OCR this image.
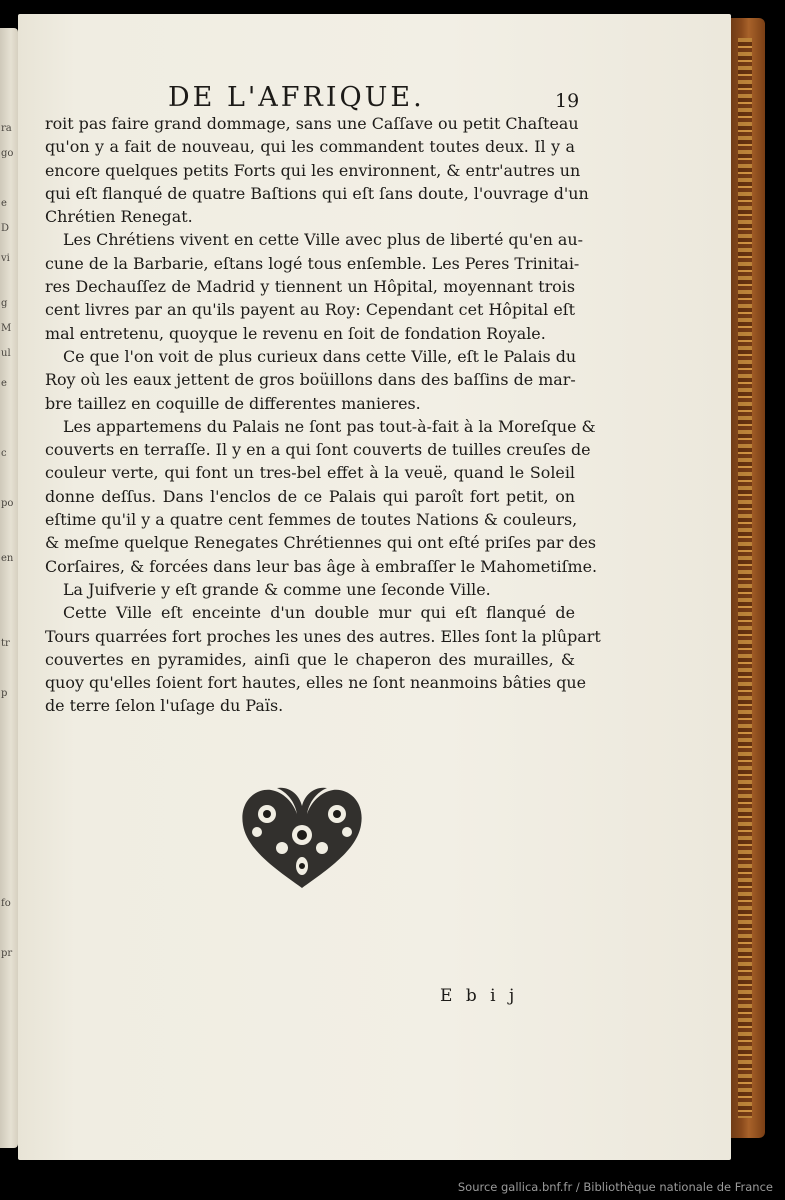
ra
go
e
D
vi
g
M
ul
e
c
po
en
tr
p
fo
pr
DE L'AFRIQUE.	19
roit pas faire grand dommage, sans une Caſſave ou petit Chaſteau
qu'on y a fait de nouveau, qui les commandent toutes deux. Il y a
encore quelques petits Forts qui les environnent, & entr'autres un
qui eſt flanqué de quatre Baſtions qui eſt ſans doute, l'ouvrage d'un
Chrétien Renegat.
Les Chrétiens vivent en cette Ville avec plus de liberté qu'en au-
cune de la Barbarie, eſtans logé tous enſemble. Les Peres Trinitai-
res Dechauſſez de Madrid y tiennent un Hôpital, moyennant trois
cent livres par an qu'ils payent au Roy: Cependant cet Hôpital eſt
mal entretenu, quoyque le revenu en ſoit de fondation Royale.
Ce que l'on voit de plus curieux dans cette Ville, eſt le Palais du
Roy où les eaux jettent de gros boüillons dans des baſſins de mar-
bre taillez en coquille de differentes manieres.
Les appartemens du Palais ne ſont pas tout-à-fait à la Moreſque &
couverts en terraſſe. Il y en a qui ſont couverts de tuilles creuſes de
couleur verte, qui font un tres-bel effet à la veuë, quand le Soleil
donne deſſus. Dans l'enclos de ce Palais qui paroît fort petit, on
eſtime qu'il y a quatre cent femmes de toutes Nations & couleurs,
& meſme quelque Renegates Chrétiennes qui ont eſté priſes par des
Corſaires, & forcées dans leur bas âge à embraſſer le Mahometiſme.
La Juifverie y eſt grande & comme une ſeconde Ville.
Cette Ville eſt enceinte d'un double mur qui eſt flanqué de
Tours quarrées fort proches les unes des autres. Elles ſont la plûpart
couvertes en pyramides, ainſi que le chaperon des murailles, &
quoy qu'elles ſoient fort hautes, elles ne ſont neanmoins bâties que
de terre ſelon l'uſage du Païs.
E b i j
Source gallica.bnf.fr / Bibliothèque nationale de France
